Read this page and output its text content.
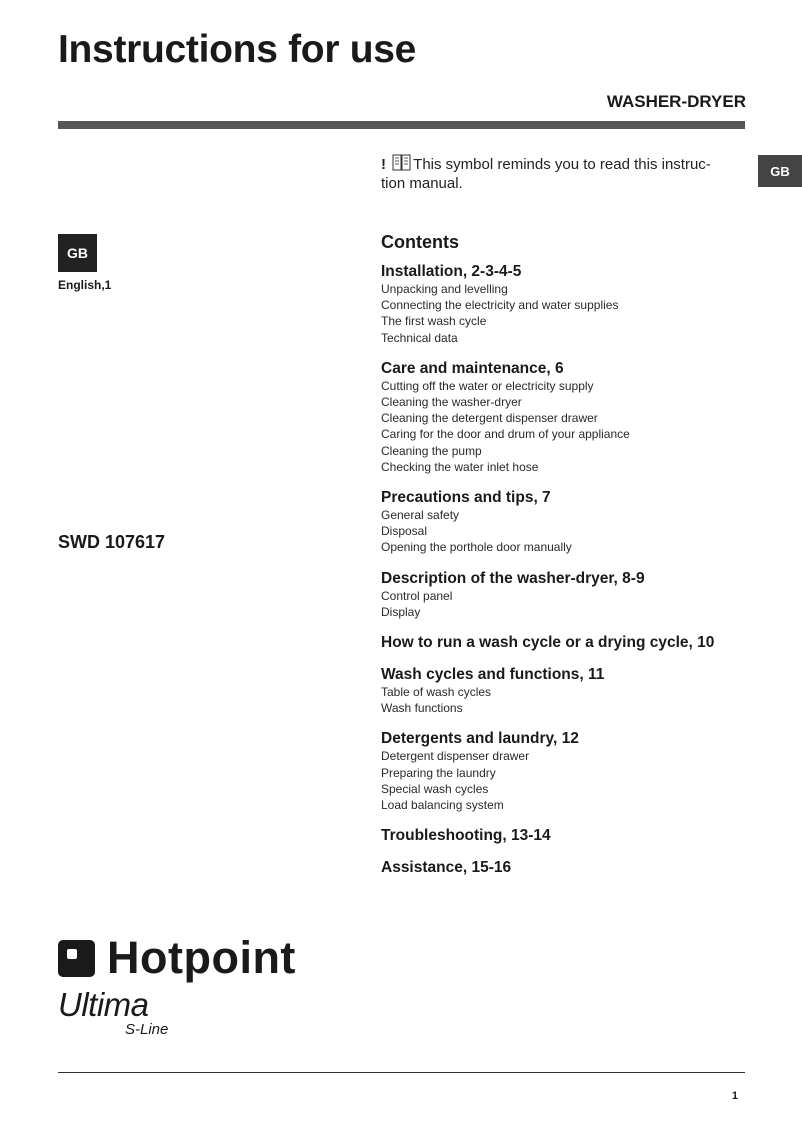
Instructions for use
WASHER-DRYER
GB
! This symbol reminds you to read this instruc-tion manual.
GB
English,1
SWD 107617
Contents
Installation, 2-3-4-5
Unpacking and levelling
Connecting the electricity and water supplies
The first wash cycle
Technical data
Care and maintenance, 6
Cutting off the water or electricity supply
Cleaning the washer-dryer
Cleaning the detergent dispenser drawer
Caring for the door and drum of your appliance
Cleaning the pump
Checking the water inlet hose
Precautions and tips, 7
General safety
Disposal
Opening the porthole door manually
Description of the washer-dryer, 8-9
Control panel
Display
How to run a wash cycle or a drying cycle, 10
Wash cycles and functions, 11
Table of wash cycles
Wash functions
Detergents and laundry, 12
Detergent dispenser drawer
Preparing the laundry
Special wash cycles
Load balancing system
Troubleshooting, 13-14
Assistance, 15-16
Hotpoint
Ultima
S-Line
1
